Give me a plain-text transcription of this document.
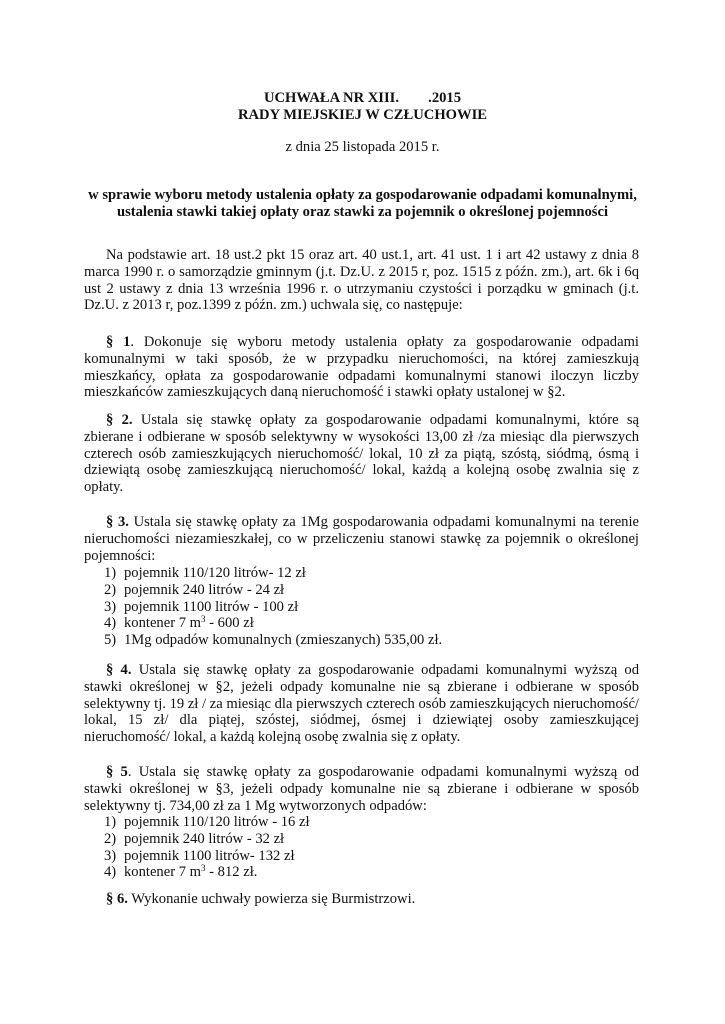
UCHWAŁA NR XIII.        .2015
RADY MIEJSKIEJ W CZŁUCHOWIE
z dnia 25 listopada 2015 r.
w sprawie wyboru metody ustalenia opłaty za gospodarowanie odpadami komunalnymi,
ustalenia stawki takiej opłaty oraz stawki za pojemnik o określonej pojemności
Na podstawie art. 18 ust.2 pkt 15 oraz art. 40 ust.1, art. 41 ust. 1 i art 42 ustawy z dnia 8 marca 1990 r. o samorządzie gminnym (j.t. Dz.U. z 2015 r, poz. 1515 z późn. zm.), art. 6k i 6q ust 2 ustawy z dnia 13 września 1996 r. o utrzymaniu czystości i porządku w gminach (j.t. Dz.U. z 2013 r, poz.1399 z późn. zm.) uchwala się, co następuje:
§ 1. Dokonuje się wyboru metody ustalenia opłaty za gospodarowanie odpadami komunalnymi w taki sposób, że w przypadku nieruchomości, na której zamieszkują mieszkańcy, opłata za gospodarowanie odpadami komunalnymi stanowi iloczyn liczby mieszkańców zamieszkujących daną nieruchomość i stawki opłaty ustalonej w §2.
§ 2. Ustala się stawkę opłaty za gospodarowanie odpadami komunalnymi, które są zbierane i odbierane w sposób selektywny w wysokości 13,00 zł /za miesiąc dla pierwszych czterech osób zamieszkujących nieruchomość/ lokal, 10 zł za piątą, szóstą, siódmą, ósmą i dziewiątą osobę zamieszkującą nieruchomość/ lokal, każdą a kolejną osobę zwalnia się z opłaty.
§ 3. Ustala się stawkę opłaty za 1Mg gospodarowania odpadami komunalnymi na terenie nieruchomości niezamieszkałej, co w przeliczeniu stanowi stawkę za pojemnik o określonej pojemności:
1) pojemnik 110/120 litrów- 12 zł
2) pojemnik 240 litrów - 24 zł
3) pojemnik 1100 litrów - 100 zł
4) kontener 7 $m^3 - 600$ zł
5) 1Mg odpadów komunalnych (zmieszanych) 535,00 zł.
§ 4. Ustala się stawkę opłaty za gospodarowanie odpadami komunalnymi wyższą od stawki określonej w §2, jeżeli odpady komunalne nie są zbierane i odbierane w sposób selektywny tj. 19 zł / za miesiąc dla pierwszych czterech osób zamieszkujących nieruchomość/ lokal, 15 zł/ dla piątej, szóstej, siódmej, ósmej i dziewiątej osoby zamieszkującej nieruchomość/ lokal, a każdą kolejną osobę zwalnia się z opłaty.
§ 5. Ustala się stawkę opłaty za gospodarowanie odpadami komunalnymi wyższą od stawki określonej w §3, jeżeli odpady komunalne nie są zbierane i odbierane w sposób selektywny tj. 734,00 zł za 1 Mg wytworzonych odpadów:
1) pojemnik 110/120 litrów - 16 zł
2) pojemnik 240 litrów - 32 zł
3) pojemnik 1100 litrów- 132 zł
4) kontener 7 $m^3 - 812$ zł.
§ 6. Wykonanie uchwały powierza się Burmistrzowi.
